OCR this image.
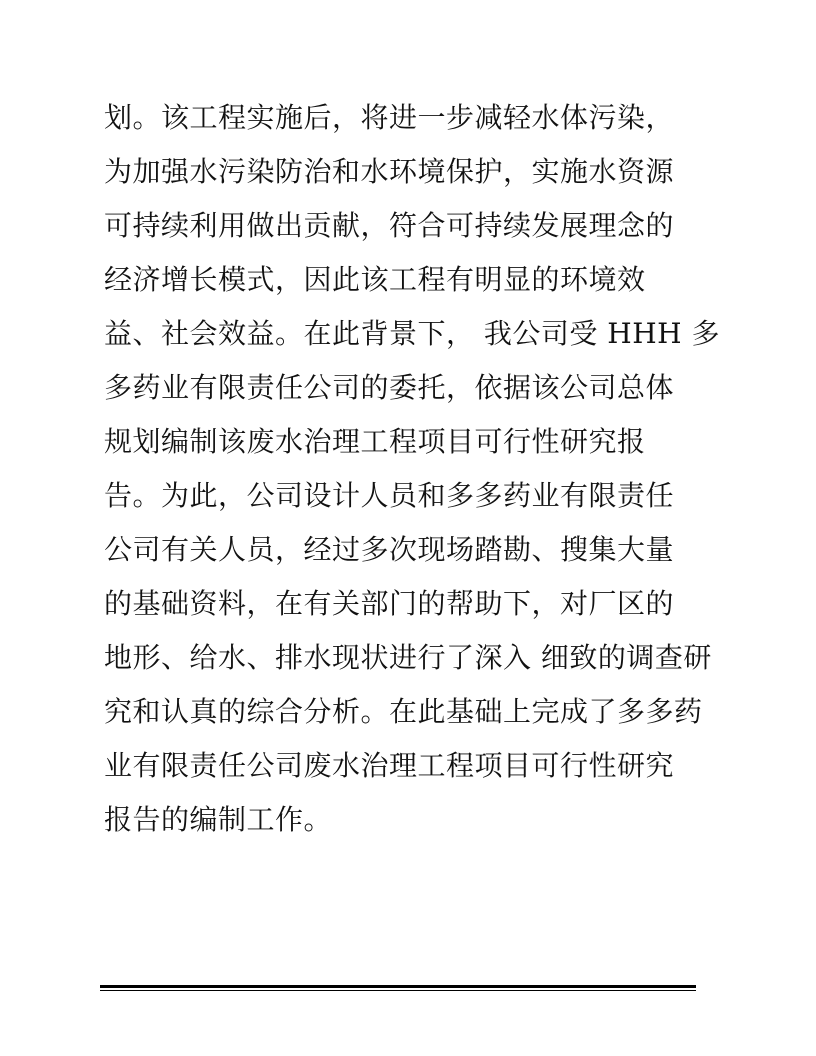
划。该工程实施后，将进一步减轻水体污染，
为加强水污染防治和水环境保护，实施水资源
可持续利用做出贡献，符合可持续发展理念的
经济增长模式，因此该工程有明显的环境效
益、社会效益。在此背景下， 我公司受 HHH 多
多药业有限责任公司的委托，依据该公司总体
规划编制该废水治理工程项目可行性研究报
告。为此，公司设计人员和多多药业有限责任
公司有关人员，经过多次现场踏勘、搜集大量
的基础资料，在有关部门的帮助下，对厂区的
地形、给水、排水现状进行了深入 细致的调查研
究和认真的综合分析。在此基础上完成了多多药
业有限责任公司废水治理工程项目可行性研究
报告的编制工作。
